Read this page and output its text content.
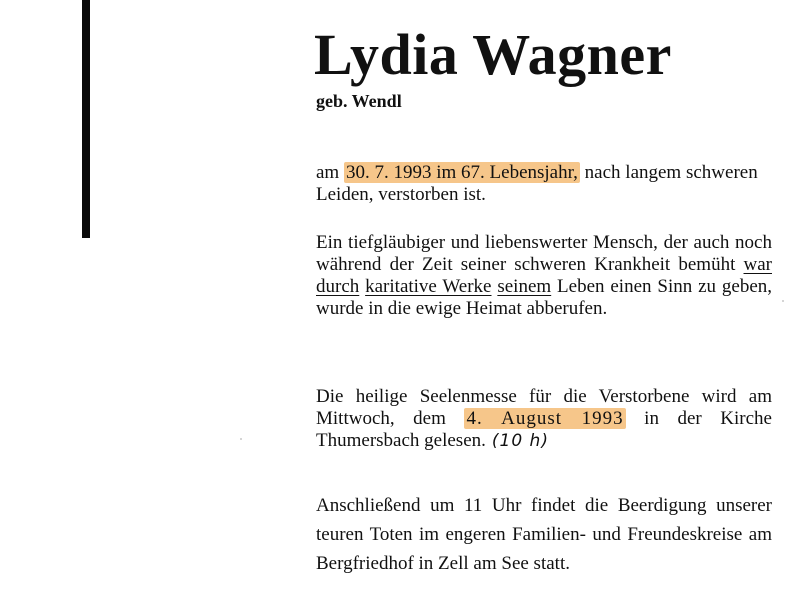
Lydia Wagner
geb. Wendl

am 30. 7. 1993 im 67. Lebensjahr, nach langem schweren Leiden, verstorben ist.

Ein tiefgläubiger und liebenswerter Mensch, der auch noch während der Zeit seiner schweren Krankheit bemüht war durch karitative Werke seinem Leben einen Sinn zu geben, wurde in die ewige Heimat abberufen.

Die heilige Seelenmesse für die Verstorbene wird am Mittwoch, dem 4. August 1993 in der Kirche Thumersbach gelesen. (10 h)

Anschließend um 11 Uhr findet die Beerdigung unserer teuren Toten im engeren Familien- und Freundeskreise am Bergfriedhof in Zell am See statt.
